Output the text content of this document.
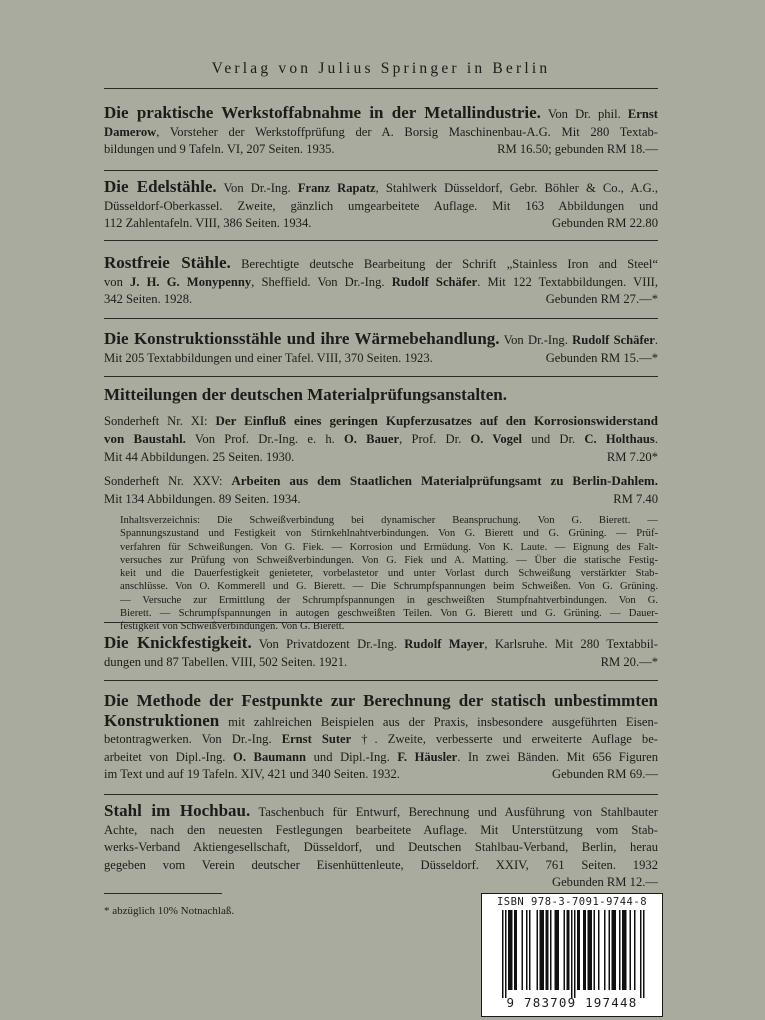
Verlag von Julius Springer in Berlin
Die praktische Werkstoffabnahme in der Metallindustrie. Von Dr. phil. Ernst
Damerow, Vorsteher der Werkstoffprüfung der A. Borsig Maschinenbau-A.G. Mit 280 Textab-
bildungen und 9 Tafeln. VI, 207 Seiten. 1935.	RM 16.50; gebunden RM 18.—
Die Edelstähle. Von Dr.-Ing. Franz Rapatz, Stahlwerk Düsseldorf, Gebr. Böhler & Co., A.G.,
Düsseldorf-Oberkassel. Zweite, gänzlich umgearbeitete Auflage. Mit 163 Abbildungen und
112 Zahlentafeln. VIII, 386 Seiten. 1934.	Gebunden RM 22.80
Rostfreie Stähle. Berechtigte deutsche Bearbeitung der Schrift „Stainless Iron and Steel“
von J. H. G. Monypenny, Sheffield. Von Dr.-Ing. Rudolf Schäfer. Mit 122 Textabbildungen. VIII,
342 Seiten. 1928.	Gebunden RM 27.—*
Die Konstruktionsstähle und ihre Wärmebehandlung. Von Dr.-Ing. Rudolf Schäfer.
Mit 205 Textabbildungen und einer Tafel. VIII, 370 Seiten. 1923.	Gebunden RM 15.—*
Mitteilungen der deutschen Materialprüfungsanstalten.
Sonderheft Nr. XI: Der Einfluß eines geringen Kupferzusatzes auf den Korrosionswiderstand
von Baustahl. Von Prof. Dr.-Ing. e. h. O. Bauer, Prof. Dr. O. Vogel und Dr. C. Holthaus.
Mit 44 Abbildungen. 25 Seiten. 1930.	RM 7.20*
Sonderheft Nr. XXV: Arbeiten aus dem Staatlichen Materialprüfungsamt zu Berlin-Dahlem.
Mit 134 Abbildungen. 89 Seiten. 1934.	RM 7.40
Inhaltsverzeichnis: Die Schweißverbindung bei dynamischer Beanspruchung. Von G. Bierett. —
Spannungszustand und Festigkeit von Stirnkehlnahtverbindungen. Von G. Bierett und G. Grüning. — Prüf-
verfahren für Schweißungen. Von G. Fiek. — Korrosion und Ermüdung. Von K. Laute. — Eignung des Falt-
versuches zur Prüfung von Schweißverbindungen. Von G. Fiek und A. Matting. — Über die statische Festig-
keit und die Dauerfestigkeit genieteter, vorbelastetor und unter Vorlast durch Schweißung verstärkter Stab-
anschlüsse. Von O. Kommerell und G. Bierett. — Die Schrumpfspannungen beim Schweißen. Von G. Grüning.
— Versuche zur Ermittlung der Schrumpfspannungen in geschweißten Stumpfnahtverbindungen. Von G.
Bierett. — Schrumpfspannungen in autogen geschweißten Teilen. Von G. Bierett und G. Grüning. — Dauer-
festigkeit von Schweißverbindungen. Von G. Bierett.
Die Knickfestigkeit. Von Privatdozent Dr.-Ing. Rudolf Mayer, Karlsruhe. Mit 280 Textabbil-
dungen und 87 Tabellen. VIII, 502 Seiten. 1921.	RM 20.—*
Die Methode der Festpunkte zur Berechnung der statisch unbestimmten
Konstruktionen mit zahlreichen Beispielen aus der Praxis, insbesondere ausgeführten Eisen-
betontragwerken. Von Dr.-Ing. Ernst Suter †. Zweite, verbesserte und erweiterte Auflage be-
arbeitet von Dipl.-Ing. O. Baumann und Dipl.-Ing. F. Häusler. In zwei Bänden. Mit 656 Figuren
im Text und auf 19 Tafeln. XIV, 421 und 340 Seiten. 1932.	Gebunden RM 69.—
Stahl im Hochbau. Taschenbuch für Entwurf, Berechnung und Ausführung von Stahlbauter
Achte, nach den neuesten Festlegungen bearbeitete Auflage. Mit Unterstützung vom Stab-
werks-Verband Aktiengesellschaft, Düsseldorf, und Deutschen Stahlbau-Verband, Berlin, herau
gegeben vom Verein deutscher Eisenhüttenleute, Düsseldorf. XXIV, 761 Seiten. 1932
Gebunden RM 12.—
* abzüglich 10% Notnachlaß.
ISBN 978-3-7091-9744-8
9 783709 197448
